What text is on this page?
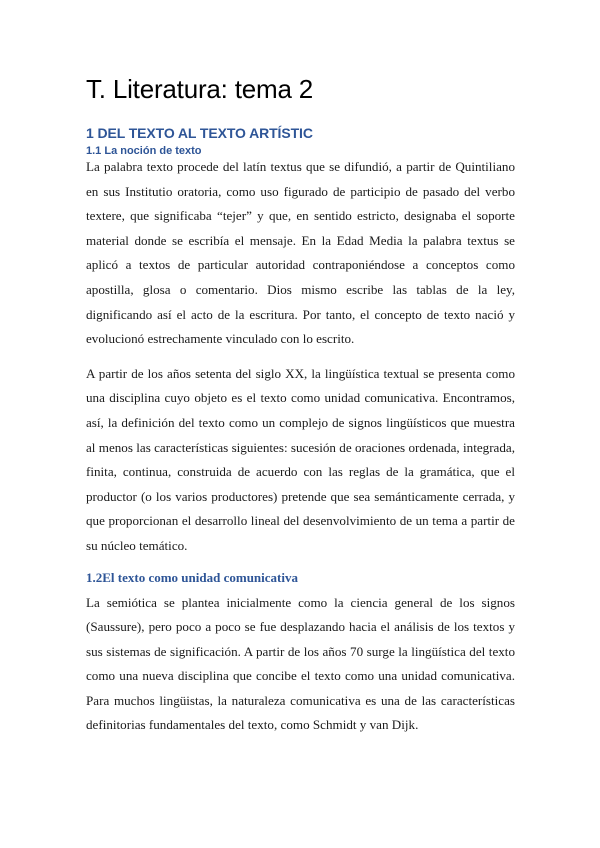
T. Literatura: tema 2
1 DEL TEXTO AL TEXTO ARTÍSTIC
1.1 La noción de texto

La palabra texto procede del latín textus que se difundió, a partir de Quintiliano en sus Institutio oratoria, como uso figurado de participio de pasado del verbo textere, que significaba “tejer” y que, en sentido estricto, designaba el soporte material donde se escribía el mensaje. En la Edad Media la palabra textus se aplicó a textos de particular autoridad contraponiéndose a conceptos como apostilla, glosa o comentario. Dios mismo escribe las tablas de la ley, dignificando así el acto de la escritura. Por tanto, el concepto de texto nació y evolucionó estrechamente vinculado con lo escrito.

A partir de los años setenta del siglo XX, la lingüística textual se presenta como una disciplina cuyo objeto es el texto como unidad comunicativa. Encontramos, así, la definición del texto como un complejo de signos lingüísticos que muestra al menos las características siguientes: sucesión de oraciones ordenada, integrada, finita, continua, construida de acuerdo con las reglas de la gramática, que el productor (o los varios productores) pretende que sea semánticamente cerrada, y que proporcionan el desarrollo lineal del desenvolvimiento de un tema a partir de su núcleo temático.

1.2El texto como unidad comunicativa

La semiótica se plantea inicialmente como la ciencia general de los signos (Saussure), pero poco a poco se fue desplazando hacia el análisis de los textos y sus sistemas de significación. A partir de los años 70 surge la lingüística del texto como una nueva disciplina que concibe el texto como una unidad comunicativa. Para muchos lingüistas, la naturaleza comunicativa es una de las características definitorias fundamentales del texto, como Schmidt y van Dijk.
